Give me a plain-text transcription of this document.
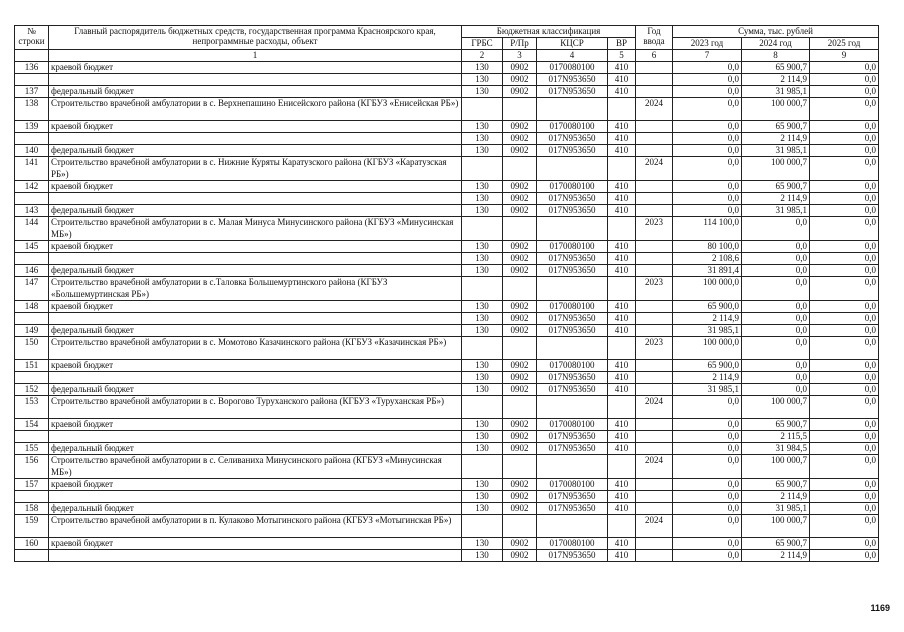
№ строки	Главный распорядитель бюджетных средств, государственная программа Красноярского края, непрограммные расходы, объект	Бюджетная классификация				Год ввода	Сумма, тыс. рублей		
		ГРБС	Р/Пр	КЦСР	ВР		2023 год	2024 год	2025 год
	1	2	3	4	5	6	7	8	9
136	краевой бюджет	130	0902	0170080100	410		0,0	65 900,7	0,0
		130	0902	017N953650	410		0,0	2 114,9	0,0
137	федеральный бюджет	130	0902	017N953650	410		0,0	31 985,1	0,0
138	Строительство врачебной амбулатории в с. Верхнепашино Енисейского района (КГБУЗ «Енисейская РБ»)					2024	0,0	100 000,7	0,0
139	краевой бюджет	130	0902	0170080100	410		0,0	65 900,7	0,0
		130	0902	017N953650	410		0,0	2 114,9	0,0
140	федеральный бюджет	130	0902	017N953650	410		0,0	31 985,1	0,0
141	Строительство врачебной амбулатории в с. Нижние Куряты Каратузского района (КГБУЗ «Каратузская РБ»)					2024	0,0	100 000,7	0,0
142	краевой бюджет	130	0902	0170080100	410		0,0	65 900,7	0,0
		130	0902	017N953650	410		0,0	2 114,9	0,0
143	федеральный бюджет	130	0902	017N953650	410		0,0	31 985,1	0,0
144	Строительство врачебной амбулатории в с. Малая Минуса Минусинского района (КГБУЗ «Минусинская МБ»)					2023	114 100,0	0,0	0,0
145	краевой бюджет	130	0902	0170080100	410		80 100,0	0,0	0,0
		130	0902	017N953650	410		2 108,6	0,0	0,0
146	федеральный бюджет	130	0902	017N953650	410		31 891,4	0,0	0,0
147	Строительство врачебной амбулатории в с.Таловка Большемуртинского района (КГБУЗ «Большемуртинская РБ»)					2023	100 000,0	0,0	0,0
148	краевой бюджет	130	0902	0170080100	410		65 900,0	0,0	0,0
		130	0902	017N953650	410		2 114,9	0,0	0,0
149	федеральный бюджет	130	0902	017N953650	410		31 985,1	0,0	0,0
150	Строительство врачебной амбулатории в с. Момотово Казачинского района (КГБУЗ «Казачинская РБ»)					2023	100 000,0	0,0	0,0
151	краевой бюджет	130	0902	0170080100	410		65 900,0	0,0	0,0
		130	0902	017N953650	410		2 114,9	0,0	0,0
152	федеральный бюджет	130	0902	017N953650	410		31 985,1	0,0	0,0
153	Строительство врачебной амбулатории в с. Ворогово Туруханского района (КГБУЗ «Туруханская РБ»)					2024	0,0	100 000,7	0,0
154	краевой бюджет	130	0902	0170080100	410		0,0	65 900,7	0,0
		130	0902	017N953650	410		0,0	2 115,5	0,0
155	федеральный бюджет	130	0902	017N953650	410		0,0	31 984,5	0,0
156	Строительство врачебной амбулатории в с. Селиваниха Минусинского района (КГБУЗ «Минусинская МБ»)					2024	0,0	100 000,7	0,0
157	краевой бюджет	130	0902	0170080100	410		0,0	65 900,7	0,0
		130	0902	017N953650	410		0,0	2 114,9	0,0
158	федеральный бюджет	130	0902	017N953650	410		0,0	31 985,1	0,0
159	Строительство врачебной амбулатории в п. Кулаково Мотыгинского района (КГБУЗ «Мотыгинская РБ»)					2024	0,0	100 000,7	0,0
160	краевой бюджет	130	0902	0170080100	410		0,0	65 900,7	0,0
		130	0902	017N953650	410		0,0	2 114,9	0,0
1169
